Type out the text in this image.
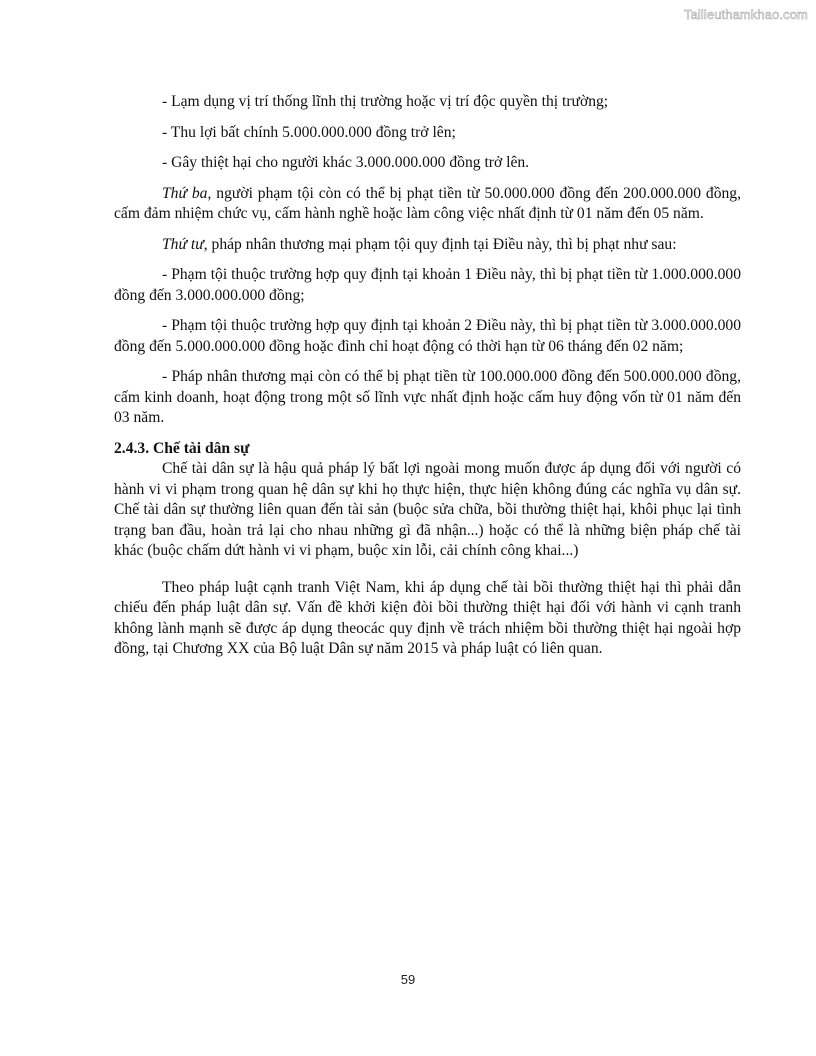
Tailieuthamkhao.com

- Lạm dụng vị trí thống lĩnh thị trường hoặc vị trí độc quyền thị trường;

- Thu lợi bất chính 5.000.000.000 đồng trở lên;

- Gây thiệt hại cho người khác 3.000.000.000 đồng trở lên.

Thứ ba, người phạm tội còn có thể bị phạt tiền từ 50.000.000 đồng đến 200.000.000 đồng, cấm đảm nhiệm chức vụ, cấm hành nghề hoặc làm công việc nhất định từ 01 năm đến 05 năm.

Thứ tư, pháp nhân thương mại phạm tội quy định tại Điều này, thì bị phạt như sau:

- Phạm tội thuộc trường hợp quy định tại khoản 1 Điều này, thì bị phạt tiền từ 1.000.000.000 đồng đến 3.000.000.000 đồng;

- Phạm tội thuộc trường hợp quy định tại khoản 2 Điều này, thì bị phạt tiền từ 3.000.000.000 đồng đến 5.000.000.000 đồng hoặc đình chỉ hoạt động có thời hạn từ 06 tháng đến 02 năm;

- Pháp nhân thương mại còn có thể bị phạt tiền từ 100.000.000 đồng đến 500.000.000 đồng, cấm kinh doanh, hoạt động trong một số lĩnh vực nhất định hoặc cấm huy động vốn từ 01 năm đến 03 năm.

2.4.3. Chế tài dân sự

Chế tài dân sự là hậu quả pháp lý bất lợi ngoài mong muốn được áp dụng đối với người có hành vi vi phạm trong quan hệ dân sự khi họ thực hiện, thực hiện không đúng các nghĩa vụ dân sự. Chế tài dân sự thường liên quan đến tài sản (buộc sửa chữa, bồi thường thiệt hại, khôi phục lại tình trạng ban đầu, hoàn trả lại cho nhau những gì đã nhận...) hoặc có thể là những biện pháp chế tài khác (buộc chấm dứt hành vi vi phạm, buộc xin lỗi, cải chính công khai...)

Theo pháp luật cạnh tranh Việt Nam, khi áp dụng chế tài bồi thường thiệt hại thì phải dẫn chiếu đến pháp luật dân sự. Vấn đề khởi kiện đòi bồi thường thiệt hại đối với hành vi cạnh tranh không lành mạnh sẽ được áp dụng theocác quy định về trách nhiệm bồi thường thiệt hại ngoài hợp đồng, tại Chương XX của Bộ luật Dân sự năm 2015 và pháp luật có liên quan.

59
